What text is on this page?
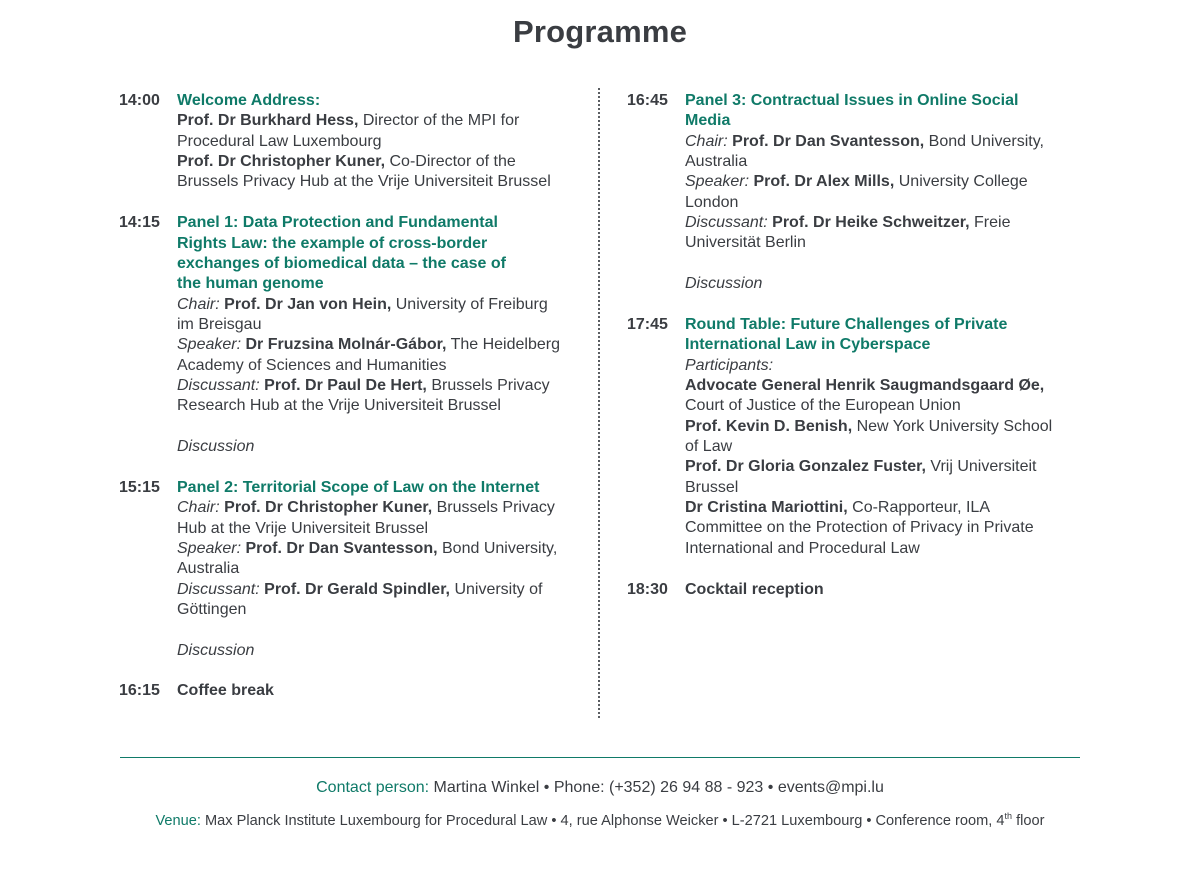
Programme
14:00	Welcome Address:
Prof. Dr Burkhard Hess, Director of the MPI for
Procedural Law Luxembourg
Prof. Dr Christopher Kuner, Co-Director of the
Brussels Privacy Hub at the Vrije Universiteit Brussel
14:15	Panel 1: Data Protection and Fundamental
Rights Law: the example of cross-border
exchanges of biomedical data – the case of
the human genome
Chair: Prof. Dr Jan von Hein, University of Freiburg
im Breisgau
Speaker: Dr Fruzsina Molnár-Gábor, The Heidelberg
Academy of Sciences and Humanities
Discussant: Prof. Dr Paul De Hert, Brussels Privacy
Research Hub at the Vrije Universiteit Brussel
Discussion
15:15	Panel 2: Territorial Scope of Law on the Internet
Chair: Prof. Dr Christopher Kuner, Brussels Privacy
Hub at the Vrije Universiteit Brussel
Speaker: Prof. Dr Dan Svantesson, Bond University,
Australia
Discussant: Prof. Dr Gerald Spindler, University of
Göttingen
Discussion
16:15	Coffee break
16:45	Panel 3: Contractual Issues in Online Social
Media
Chair: Prof. Dr Dan Svantesson, Bond University,
Australia
Speaker: Prof. Dr Alex Mills, University College
London
Discussant: Prof. Dr Heike Schweitzer, Freie
Universität Berlin
Discussion
17:45	Round Table: Future Challenges of Private
International Law in Cyberspace
Participants:
Advocate General Henrik Saugmandsgaard Øe,
Court of Justice of the European Union
Prof. Kevin D. Benish, New York University School
of Law
Prof. Dr Gloria Gonzalez Fuster, Vrij Universiteit
Brussel
Dr Cristina Mariottini, Co-Rapporteur, ILA
Committee on the Protection of Privacy in Private
International and Procedural Law
18:30	Cocktail reception
Contact person: Martina Winkel • Phone: (+352) 26 94 88 - 923 • events@mpi.lu
Venue: Max Planck Institute Luxembourg for Procedural Law • 4, rue Alphonse Weicker • L-2721 Luxembourg • Conference room, 4th floor
